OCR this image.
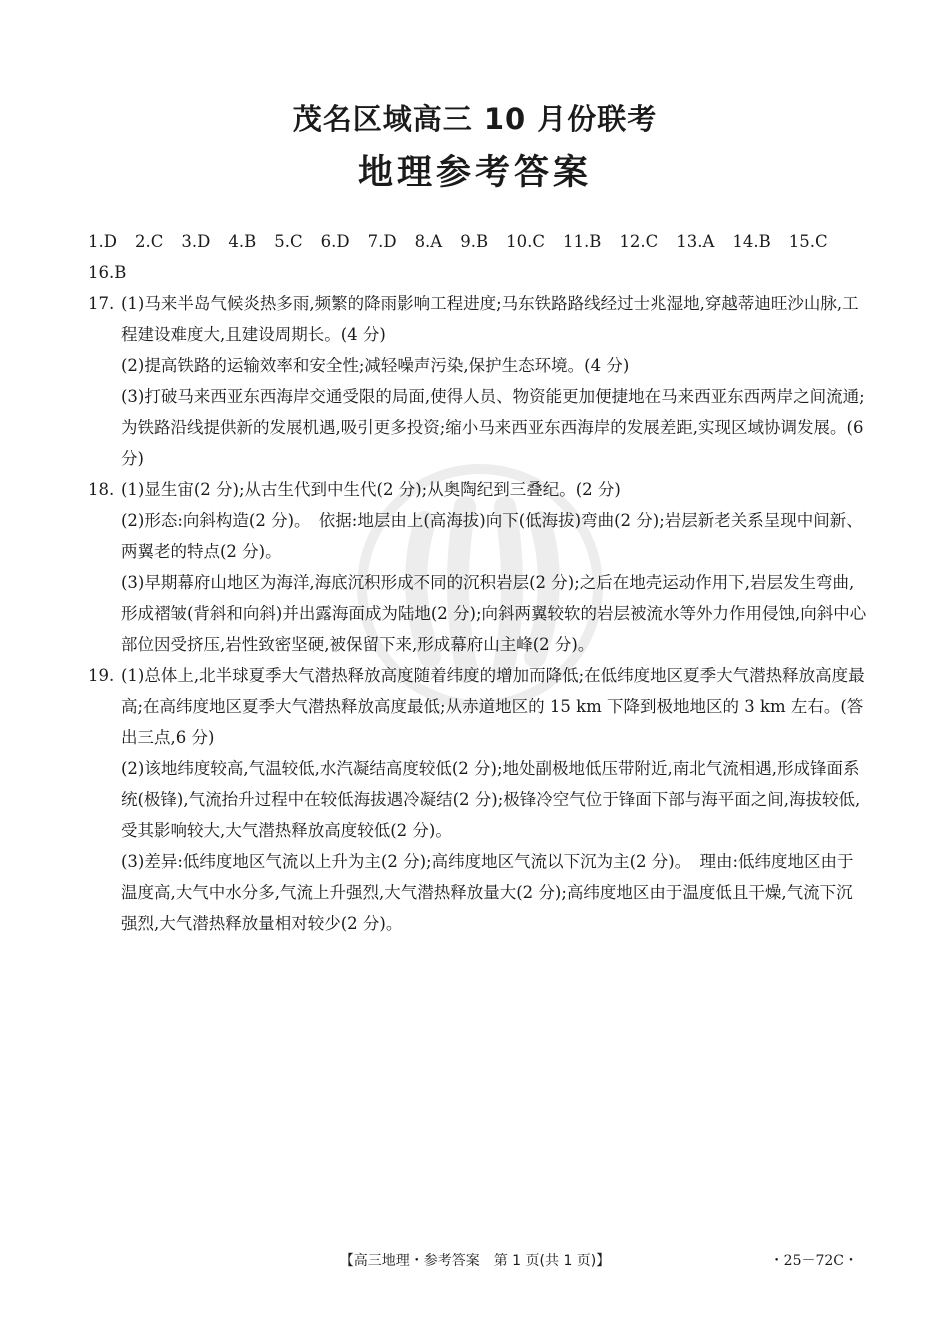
茂名区域高三 10 月份联考
地理参考答案
1.D 2.C 3.D 4.B 5.C 6.D 7.D 8.A 9.B 10.C 11.B 12.C 13.A 14.B 15.C16.B
17. (1)马来半岛气候炎热多雨,频繁的降雨影响工程进度;马东铁路路线经过士兆湿地,穿越蒂迪旺沙山脉,工程建设难度大,且建设周期长。(4 分)
(2)提高铁路的运输效率和安全性;减轻噪声污染,保护生态环境。(4 分)
(3)打破马来西亚东西海岸交通受限的局面,使得人员、物资能更加便捷地在马来西亚东西两岸之间流通;为铁路沿线提供新的发展机遇,吸引更多投资;缩小马来西亚东西海岸的发展差距,实现区域协调发展。(6 分)
18. (1)显生宙(2 分);从古生代到中生代(2 分);从奥陶纪到三叠纪。(2 分)
(2)形态:向斜构造(2 分)。　依据:地层由上(高海拔)向下(低海拔)弯曲(2 分);岩层新老关系呈现中间新、两翼老的特点(2 分)。
(3)早期幕府山地区为海洋,海底沉积形成不同的沉积岩层(2 分);之后在地壳运动作用下,岩层发生弯曲,形成褶皱(背斜和向斜)并出露海面成为陆地(2 分);向斜两翼较软的岩层被流水等外力作用侵蚀,向斜中心部位因受挤压,岩性致密坚硬,被保留下来,形成幕府山主峰(2 分)。
19. (1)总体上,北半球夏季大气潜热释放高度随着纬度的增加而降低;在低纬度地区夏季大气潜热释放高度最高;在高纬度地区夏季大气潜热释放高度最低;从赤道地区的 15 km 下降到极地地区的 3 km 左右。(答出三点,6 分)
(2)该地纬度较高,气温较低,水汽凝结高度较低(2 分);地处副极地低压带附近,南北气流相遇,形成锋面系统(极锋),气流抬升过程中在较低海拔遇冷凝结(2 分);极锋冷空气位于锋面下部与海平面之间,海拔较低,受其影响较大,大气潜热释放高度较低(2 分)。
(3)差异:低纬度地区气流以上升为主(2 分);高纬度地区气流以下沉为主(2 分)。　理由:低纬度地区由于温度高,大气中水分多,气流上升强烈,大气潜热释放量大(2 分);高纬度地区由于温度低且干燥,气流下沉强烈,大气潜热释放量相对较少(2 分)。
【高三地理・参考答案　第 1 页(共 1 页)】	・25－72C・
